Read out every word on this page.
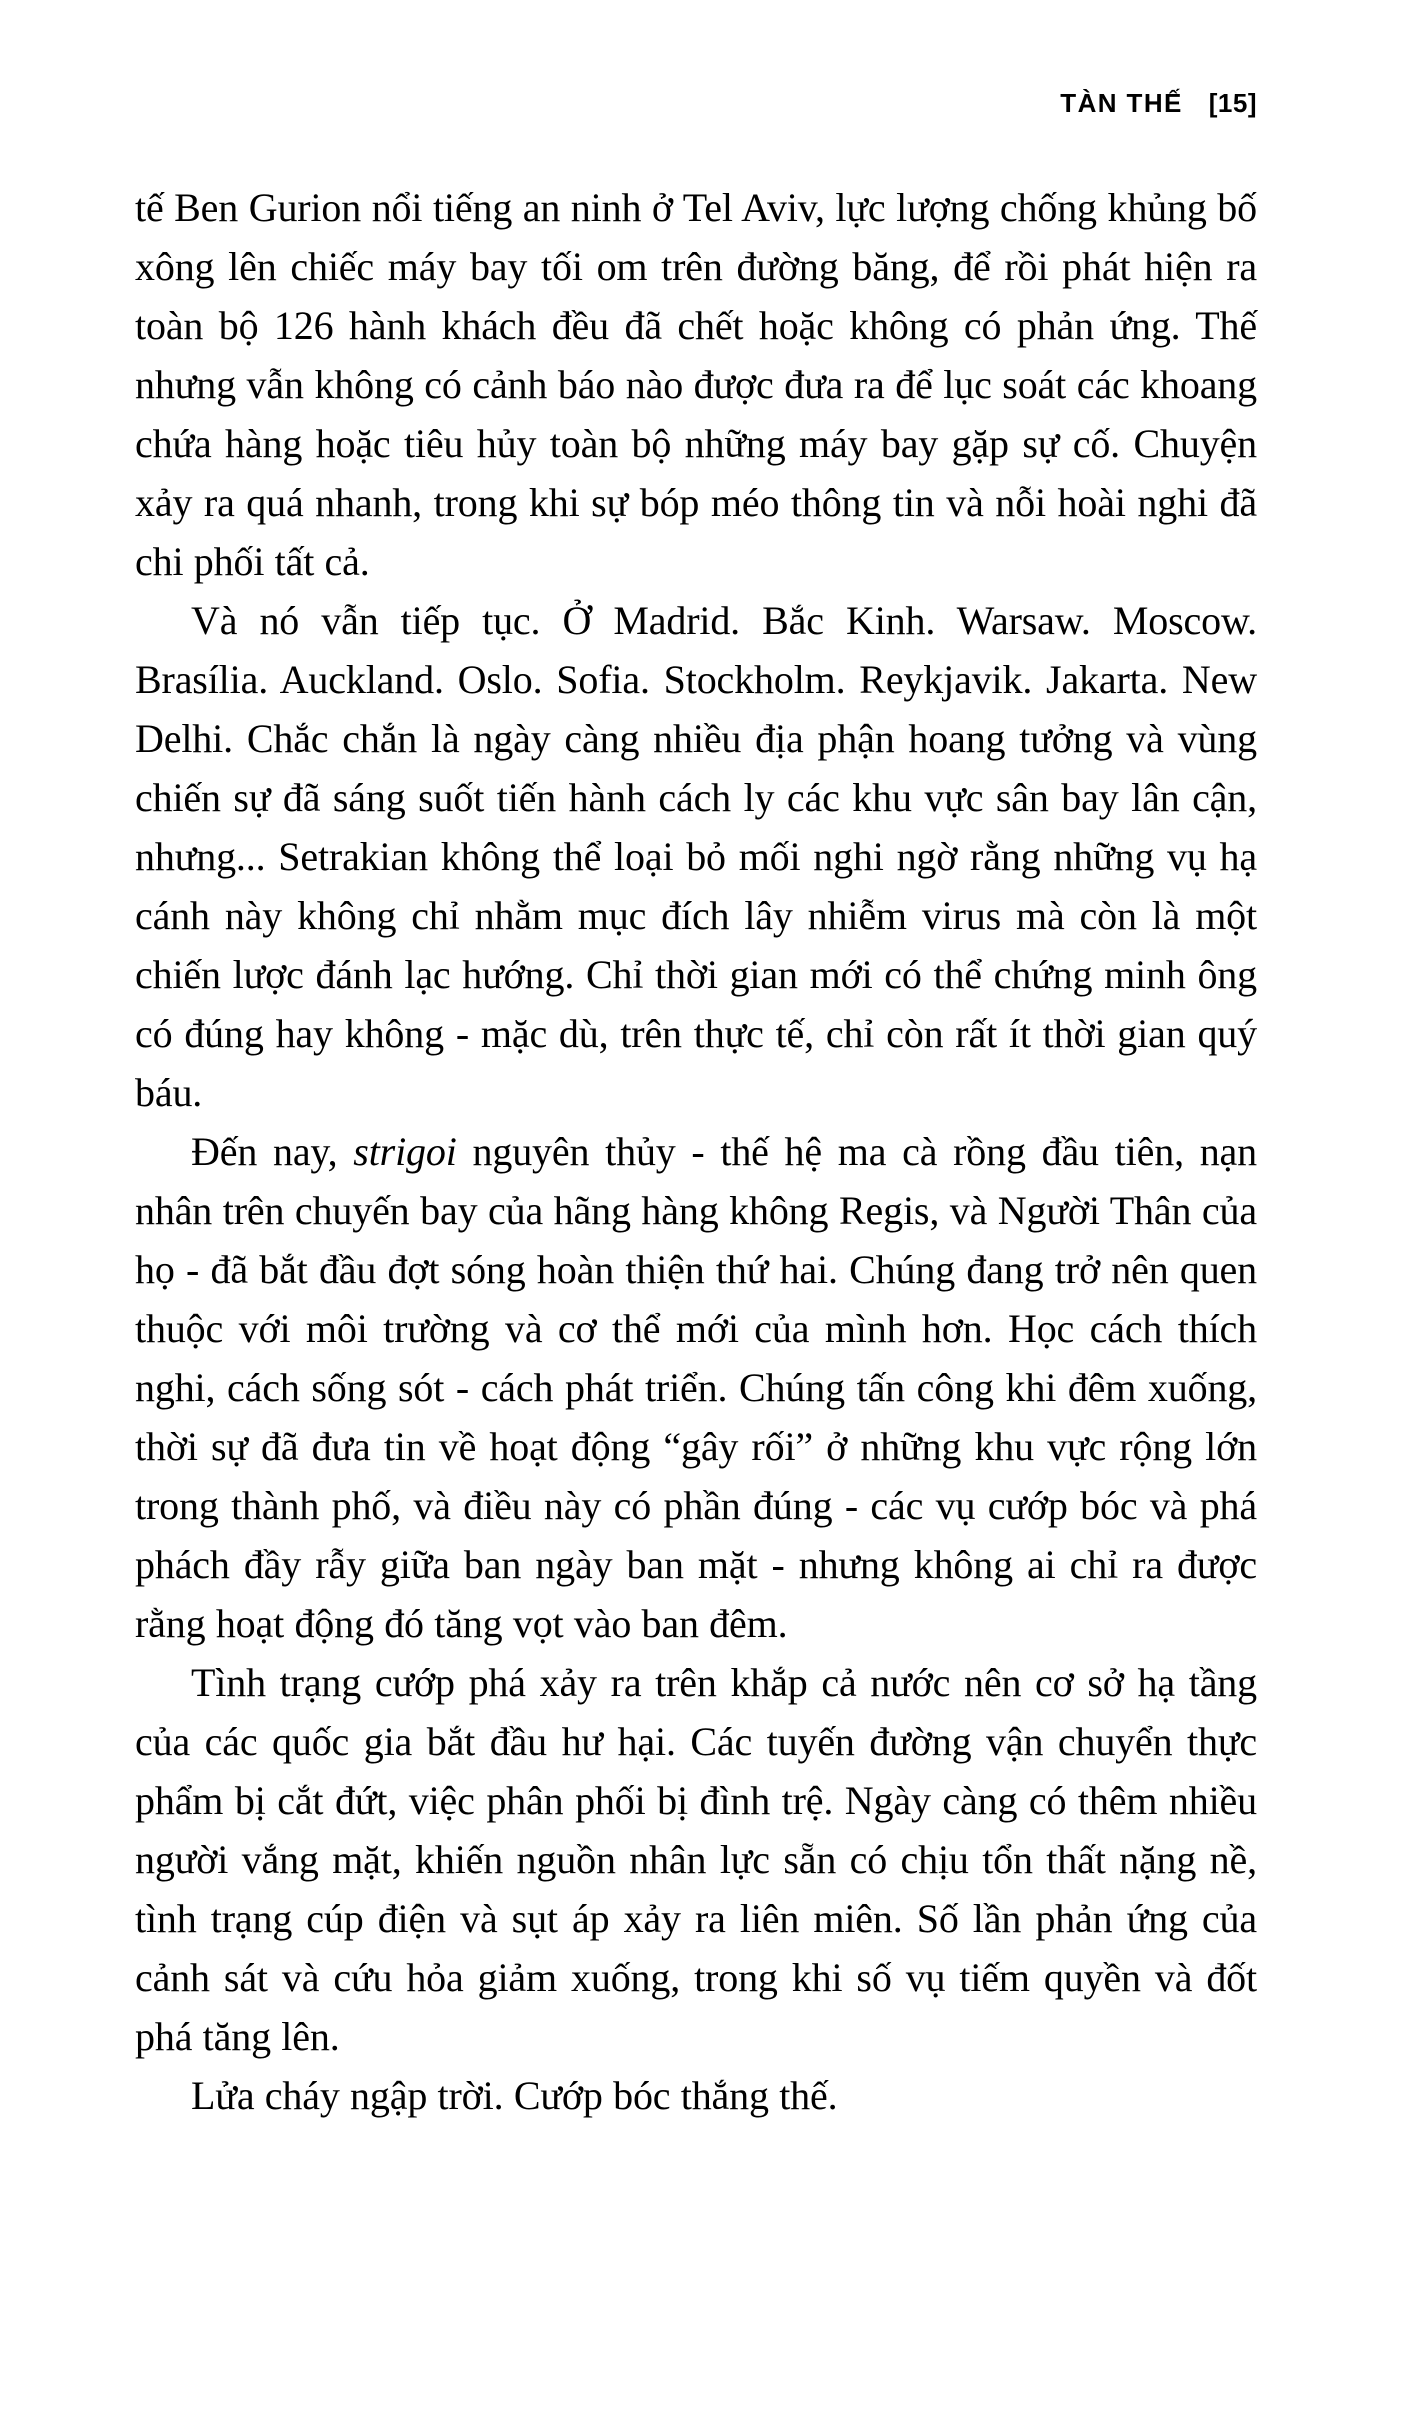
TÀN THẾ [15]

tế Ben Gurion nổi tiếng an ninh ở Tel Aviv, lực lượng chống khủng bố xông lên chiếc máy bay tối om trên đường băng, để rồi phát hiện ra toàn bộ 126 hành khách đều đã chết hoặc không có phản ứng. Thế nhưng vẫn không có cảnh báo nào được đưa ra để lục soát các khoang chứa hàng hoặc tiêu hủy toàn bộ những máy bay gặp sự cố. Chuyện xảy ra quá nhanh, trong khi sự bóp méo thông tin và nỗi hoài nghi đã chi phối tất cả.

Và nó vẫn tiếp tục. Ở Madrid. Bắc Kinh. Warsaw. Moscow. Brasília. Auckland. Oslo. Sofia. Stockholm. Reykjavik. Jakarta. New Delhi. Chắc chắn là ngày càng nhiều địa phận hoang tưởng và vùng chiến sự đã sáng suốt tiến hành cách ly các khu vực sân bay lân cận, nhưng... Setrakian không thể loại bỏ mối nghi ngờ rằng những vụ hạ cánh này không chỉ nhằm mục đích lây nhiễm virus mà còn là một chiến lược đánh lạc hướng. Chỉ thời gian mới có thể chứng minh ông có đúng hay không - mặc dù, trên thực tế, chỉ còn rất ít thời gian quý báu.

Đến nay, strigoi nguyên thủy - thế hệ ma cà rồng đầu tiên, nạn nhân trên chuyến bay của hãng hàng không Regis, và Người Thân của họ - đã bắt đầu đợt sóng hoàn thiện thứ hai. Chúng đang trở nên quen thuộc với môi trường và cơ thể mới của mình hơn. Học cách thích nghi, cách sống sót - cách phát triển. Chúng tấn công khi đêm xuống, thời sự đã đưa tin về hoạt động “gây rối” ở những khu vực rộng lớn trong thành phố, và điều này có phần đúng - các vụ cướp bóc và phá phách đầy rẫy giữa ban ngày ban mặt - nhưng không ai chỉ ra được rằng hoạt động đó tăng vọt vào ban đêm.

Tình trạng cướp phá xảy ra trên khắp cả nước nên cơ sở hạ tầng của các quốc gia bắt đầu hư hại. Các tuyến đường vận chuyển thực phẩm bị cắt đứt, việc phân phối bị đình trệ. Ngày càng có thêm nhiều người vắng mặt, khiến nguồn nhân lực sẵn có chịu tổn thất nặng nề, tình trạng cúp điện và sụt áp xảy ra liên miên. Số lần phản ứng của cảnh sát và cứu hỏa giảm xuống, trong khi số vụ tiếm quyền và đốt phá tăng lên.

Lửa cháy ngập trời. Cướp bóc thắng thế.
